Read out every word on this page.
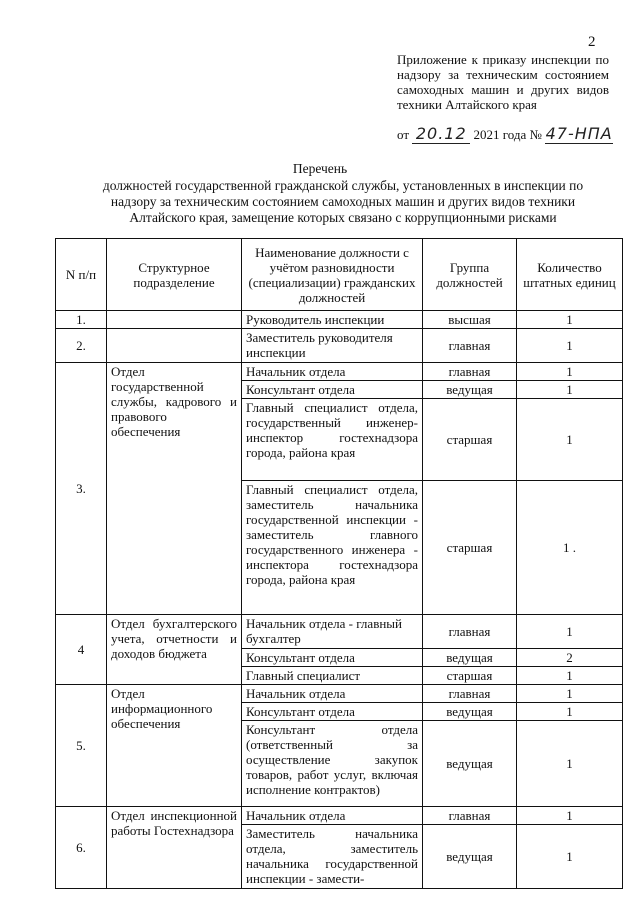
2
Приложение к приказу инспекции по надзору за техническим состоянием самоходных машин и других видов техники Алтайского края
от 20.12 2021 года № 47-НПА
Перечень
должностей государственной гражданской службы, установленных в инспекции по надзору за техническим состоянием самоходных машин и других видов техники Алтайского края, замещение которых связано с коррупционными рисками
N п/п	Структурное подразделение	Наименование должности с учётом разновидности (специализации) гражданских должностей	Группа должностей	Количество штатных единиц
1.		Руководитель инспекции	высшая	1
2.		Заместитель руководителя инспекции	главная	1
3.	Отдел государственной службы, кадрового и правового обеспечения	Начальник отдела	главная	1
		Консультант отдела	ведущая	1
		Главный специалист отдела, государственный инженер-инспектор гостехнадзора города, района края	старшая	1
		Главный специалист отдела, заместитель начальника государственной инспекции - заместитель главного государственного инженера - инспектора гостехнадзора города, района края	старшая	1 .
4	Отдел бухгалтерского учета, отчетности и доходов бюджета	Начальник отдела - главный бухгалтер	главная	1
		Консультант отдела	ведущая	2
		Главный специалист	старшая	1
5.	Отдел информационного обеспечения	Начальник отдела	главная	1
		Консультант отдела	ведущая	1
		Консультант отдела (ответственный за осуществление закупок товаров, работ услуг, включая исполнение контрактов)	ведущая	1
6.	Отдел инспекционной работы Гостехнадзора	Начальник отдела	главная	1
		Заместитель начальника отдела, заместитель начальника государственной инспекции - замести-	ведущая	1
